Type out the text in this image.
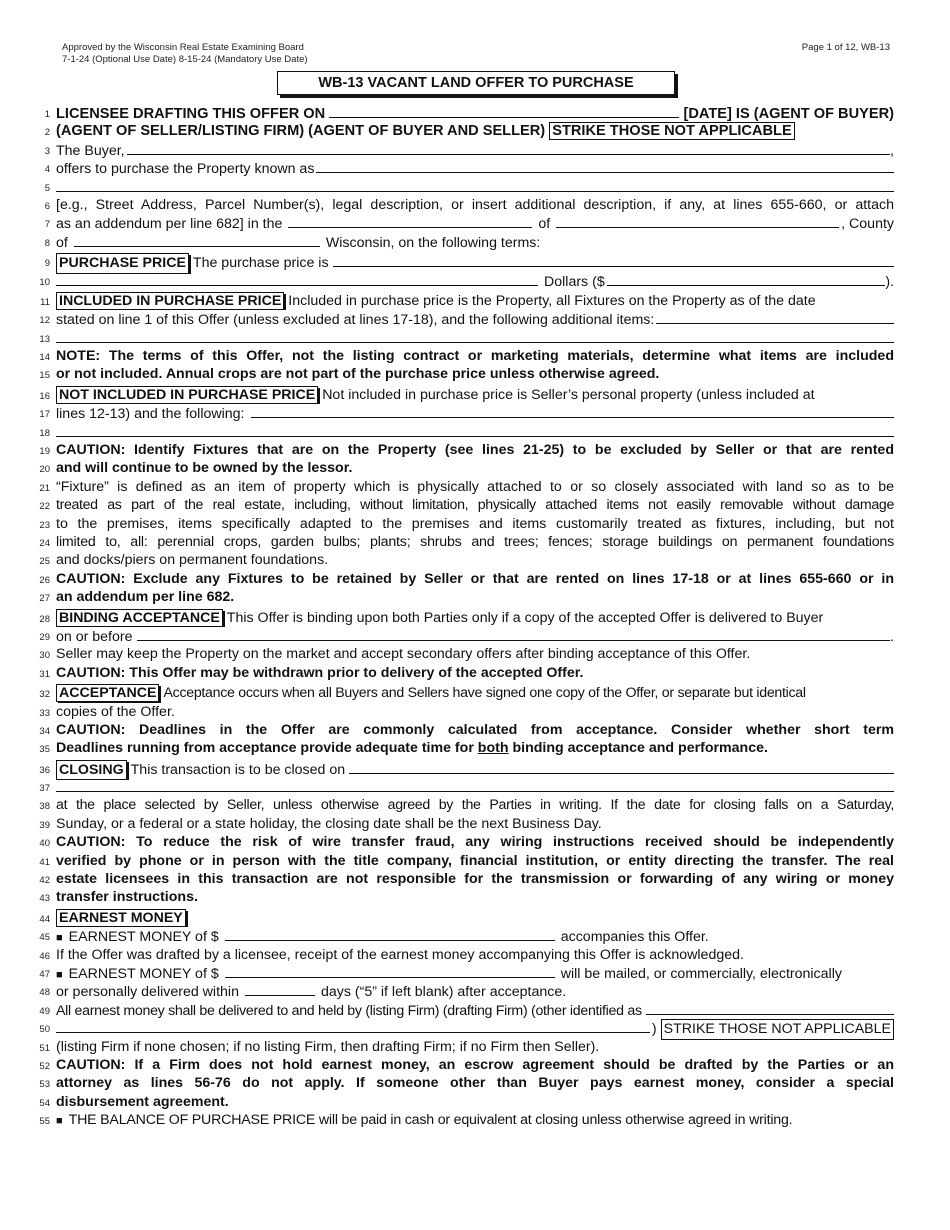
Approved by the Wisconsin Real Estate Examining Board
7-1-24 (Optional Use Date) 8-15-24 (Mandatory Use Date)
Page 1 of 12, WB-13
WB-13 VACANT LAND OFFER TO PURCHASE
1 LICENSEE DRAFTING THIS OFFER ON	[DATE] IS (AGENT OF BUYER)
2 (AGENT OF SELLER/LISTING FIRM) (AGENT OF BUYER AND SELLER) STRIKE THOSE NOT APPLICABLE
3 The Buyer,	,
4 offers to purchase the Property known as
5
6 [e.g., Street Address, Parcel Number(s), legal description, or insert additional description, if any, at lines 655-660, or attach
7 as an addendum per line 682] in the	of	, County
8 of	Wisconsin, on the following terms:
9 PURCHASE PRICE The purchase price is
10	Dollars ($	).
11 INCLUDED IN PURCHASE PRICE Included in purchase price is the Property, all Fixtures on the Property as of the date
12 stated on line 1 of this Offer (unless excluded at lines 17-18), and the following additional items:
13
14 NOTE: The terms of this Offer, not the listing contract or marketing materials, determine what items are included
15 or not included. Annual crops are not part of the purchase price unless otherwise agreed.
16 NOT INCLUDED IN PURCHASE PRICE Not included in purchase price is Seller’s personal property (unless included at
17 lines 12-13) and the following:
18
19 CAUTION: Identify Fixtures that are on the Property (see lines 21-25) to be excluded by Seller or that are rented
20 and will continue to be owned by the lessor.
21 “Fixture” is defined as an item of property which is physically attached to or so closely associated with land so as to be
22 treated as part of the real estate, including, without limitation, physically attached items not easily removable without damage
23 to the premises, items specifically adapted to the premises and items customarily treated as fixtures, including, but not
24 limited to, all: perennial crops, garden bulbs; plants; shrubs and trees; fences; storage buildings on permanent foundations
25 and docks/piers on permanent foundations.
26 CAUTION: Exclude any Fixtures to be retained by Seller or that are rented on lines 17-18 or at lines 655-660 or in
27 an addendum per line 682.
28 BINDING ACCEPTANCE This Offer is binding upon both Parties only if a copy of the accepted Offer is delivered to Buyer
29 on or before	.
30 Seller may keep the Property on the market and accept secondary offers after binding acceptance of this Offer.
31 CAUTION: This Offer may be withdrawn prior to delivery of the accepted Offer.
32 ACCEPTANCE Acceptance occurs when all Buyers and Sellers have signed one copy of the Offer, or separate but identical
33 copies of the Offer.
34 CAUTION: Deadlines in the Offer are commonly calculated from acceptance. Consider whether short term
35 Deadlines running from acceptance provide adequate time for both binding acceptance and performance.
36 CLOSING This transaction is to be closed on
37
38 at the place selected by Seller, unless otherwise agreed by the Parties in writing. If the date for closing falls on a Saturday,
39 Sunday, or a federal or a state holiday, the closing date shall be the next Business Day.
40 CAUTION: To reduce the risk of wire transfer fraud, any wiring instructions received should be independently
41 verified by phone or in person with the title company, financial institution, or entity directing the transfer. The real
42 estate licensees in this transaction are not responsible for the transmission or forwarding of any wiring or money
43 transfer instructions.
44 EARNEST MONEY
45 ■ EARNEST MONEY of $	accompanies this Offer.
46 If the Offer was drafted by a licensee, receipt of the earnest money accompanying this Offer is acknowledged.
47 ■ EARNEST MONEY of $	will be mailed, or commercially, electronically
48 or personally delivered within	days (“5” if left blank) after acceptance.
49 All earnest money shall be delivered to and held by (listing Firm) (drafting Firm) (other identified as
50	) STRIKE THOSE NOT APPLICABLE
51 (listing Firm if none chosen; if no listing Firm, then drafting Firm; if no Firm then Seller).
52 CAUTION: If a Firm does not hold earnest money, an escrow agreement should be drafted by the Parties or an
53 attorney as lines 56-76 do not apply. If someone other than Buyer pays earnest money, consider a special
54 disbursement agreement.
55 ■ THE BALANCE OF PURCHASE PRICE will be paid in cash or equivalent at closing unless otherwise agreed in writing.
